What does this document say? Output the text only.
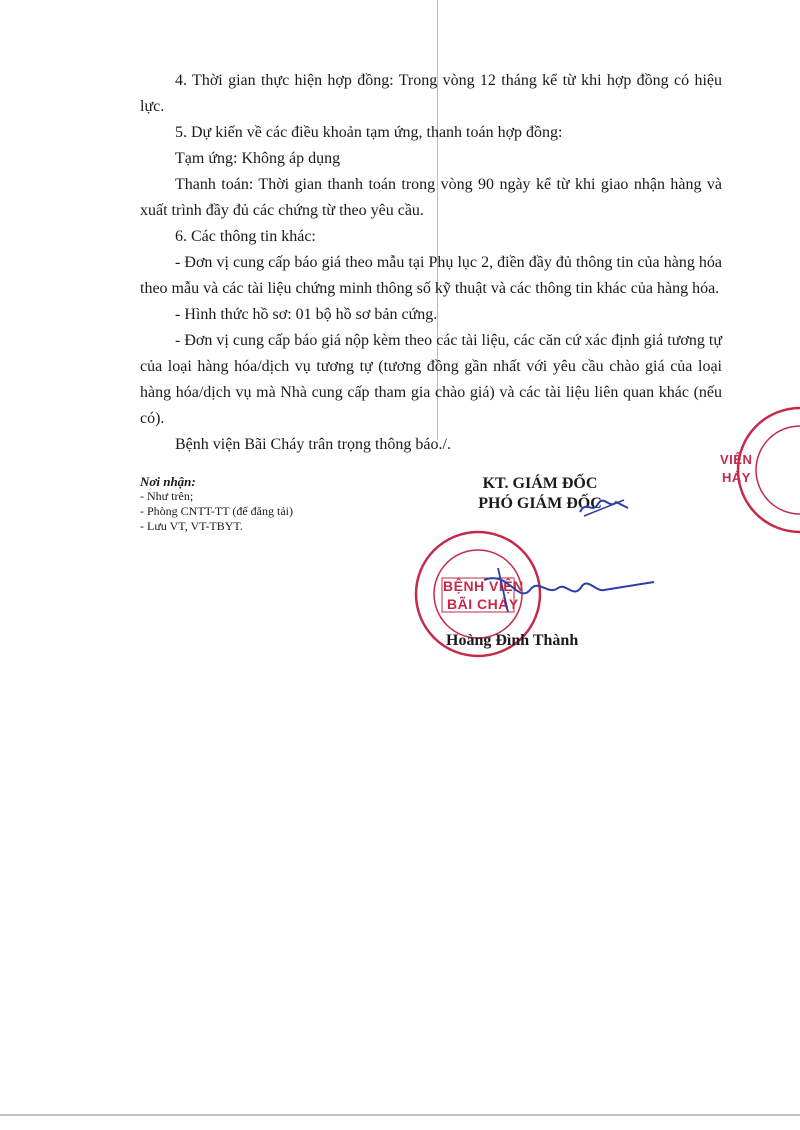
4. Thời gian thực hiện hợp đồng: Trong vòng 12 tháng kể từ khi hợp đồng có hiệu lực.

5. Dự kiến về các điều khoản tạm ứng, thanh toán hợp đồng:

Tạm ứng: Không áp dụng

Thanh toán: Thời gian thanh toán trong vòng 90 ngày kể từ khi giao nhận hàng và xuất trình đầy đủ các chứng từ theo yêu cầu.

6. Các thông tin khác:

- Đơn vị cung cấp báo giá theo mẫu tại Phụ lục 2, điền đầy đủ thông tin của hàng hóa theo mẫu và các tài liệu chứng minh thông số kỹ thuật và các thông tin khác của hàng hóa.

- Hình thức hồ sơ: 01 bộ hồ sơ bản cứng.

- Đơn vị cung cấp báo giá nộp kèm theo các tài liệu, các căn cứ xác định giá tương tự của loại hàng hóa/dịch vụ tương tự (tương đồng gần nhất với yêu cầu chào giá của loại hàng hóa/dịch vụ mà Nhà cung cấp tham gia chào giá) và các tài liệu liên quan khác (nếu có).

Bệnh viện Bãi Cháy trân trọng thông báo./.

Nơi nhận:
- Như trên;
- Phòng CNTT-TT (để đăng tải)
- Lưu VT, VT-TBYT.
KT. GIÁM ĐỐC
PHÓ GIÁM ĐỐC
BỆNH VIỆN
BÃI CHÁY
Hoàng Đình Thành
VIỆN
HÁY
